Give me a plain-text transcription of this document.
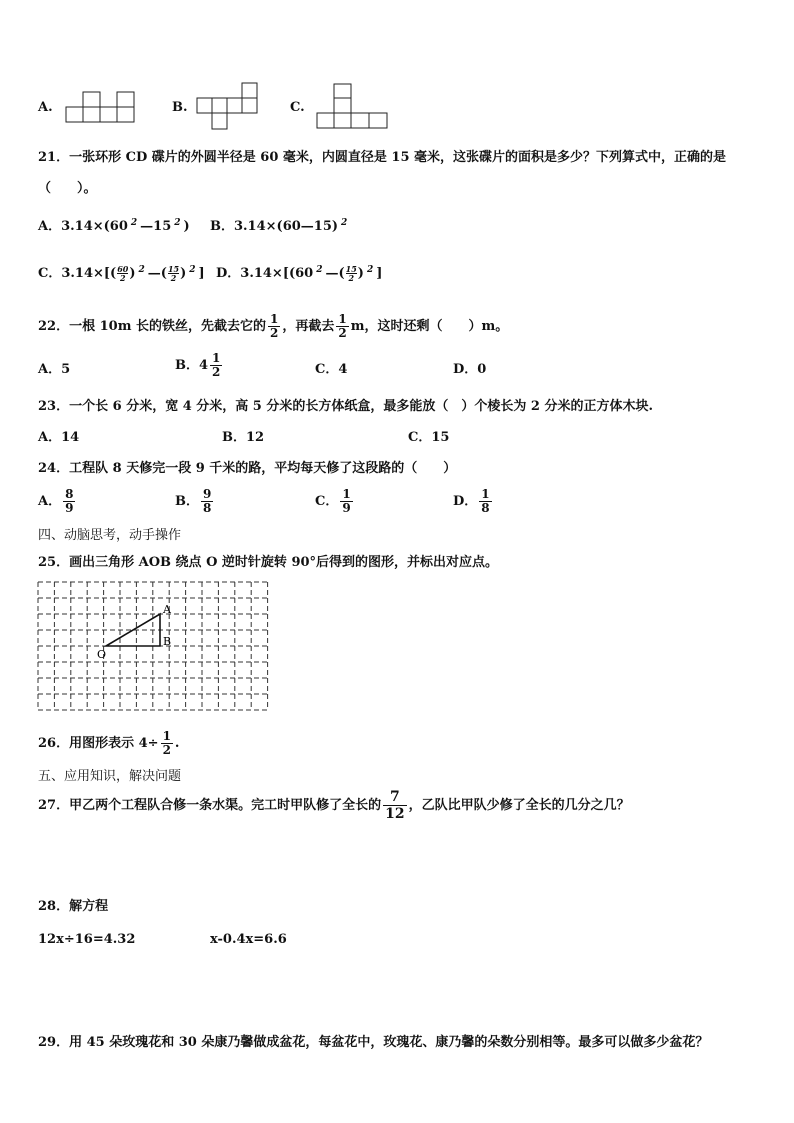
A.	B.	C.
21．一张环形 CD 碟片的外圆半径是 60 毫米，内圆直径是 15 毫米，这张碟片的面积是多少？下列算式中，正确的是
（　　）。
A．3.14×(60 $^2$ —15 $^2$ ) B．3.14×(60—15) $^2$
C．$3.14\times[( \frac{60}{2}$ ) $^2$ —( $\frac{15}{2}$ ) $^2$ ] D．3.14×[(60 $^2$ —( $\frac{15}{2}$ ) $^2$ ]
22．一根 10m 长的铁丝，先截去它的 $\frac{1}{2}$ ，再截去 $\frac{1}{2}$ m，这时还剩（　　）m。
A．5	B．$4 \frac{1}{2}$	C．4	D．0
23．一个长 6 分米，宽 4 分米，高 5 分米的长方体纸盒，最多能放（　）个棱长为 2 分米的正方体木块.
A．14	B．12	C．15
24．工程队 8 天修完一段 9 千米的路，平均每天修了这段路的（　　）
A． $\frac{8}{9}$	B． $\frac{9}{8}$	C． $\frac{1}{9}$	D． $\frac{1}{8}$
四、动脑思考，动手操作
25．画出三角形 AOB 绕点 O 逆时针旋转 90°后得到的图形，并标出对应点。
A
B
O
26．用图形表示 $4\div \frac{1}{2}$ .
五、应用知识，解决问题
27．甲乙两个工程队合修一条水渠。完工时甲队修了全长的 $\frac{7}{12}$ ，乙队比甲队少修了全长的几分之几？
28．解方程
12x÷16=4.32	x-0.4x=6.6
29．用 45 朵玫瑰花和 30 朵康乃馨做成盆花，每盆花中，玫瑰花、康乃馨的朵数分别相等。最多可以做多少盆花？
